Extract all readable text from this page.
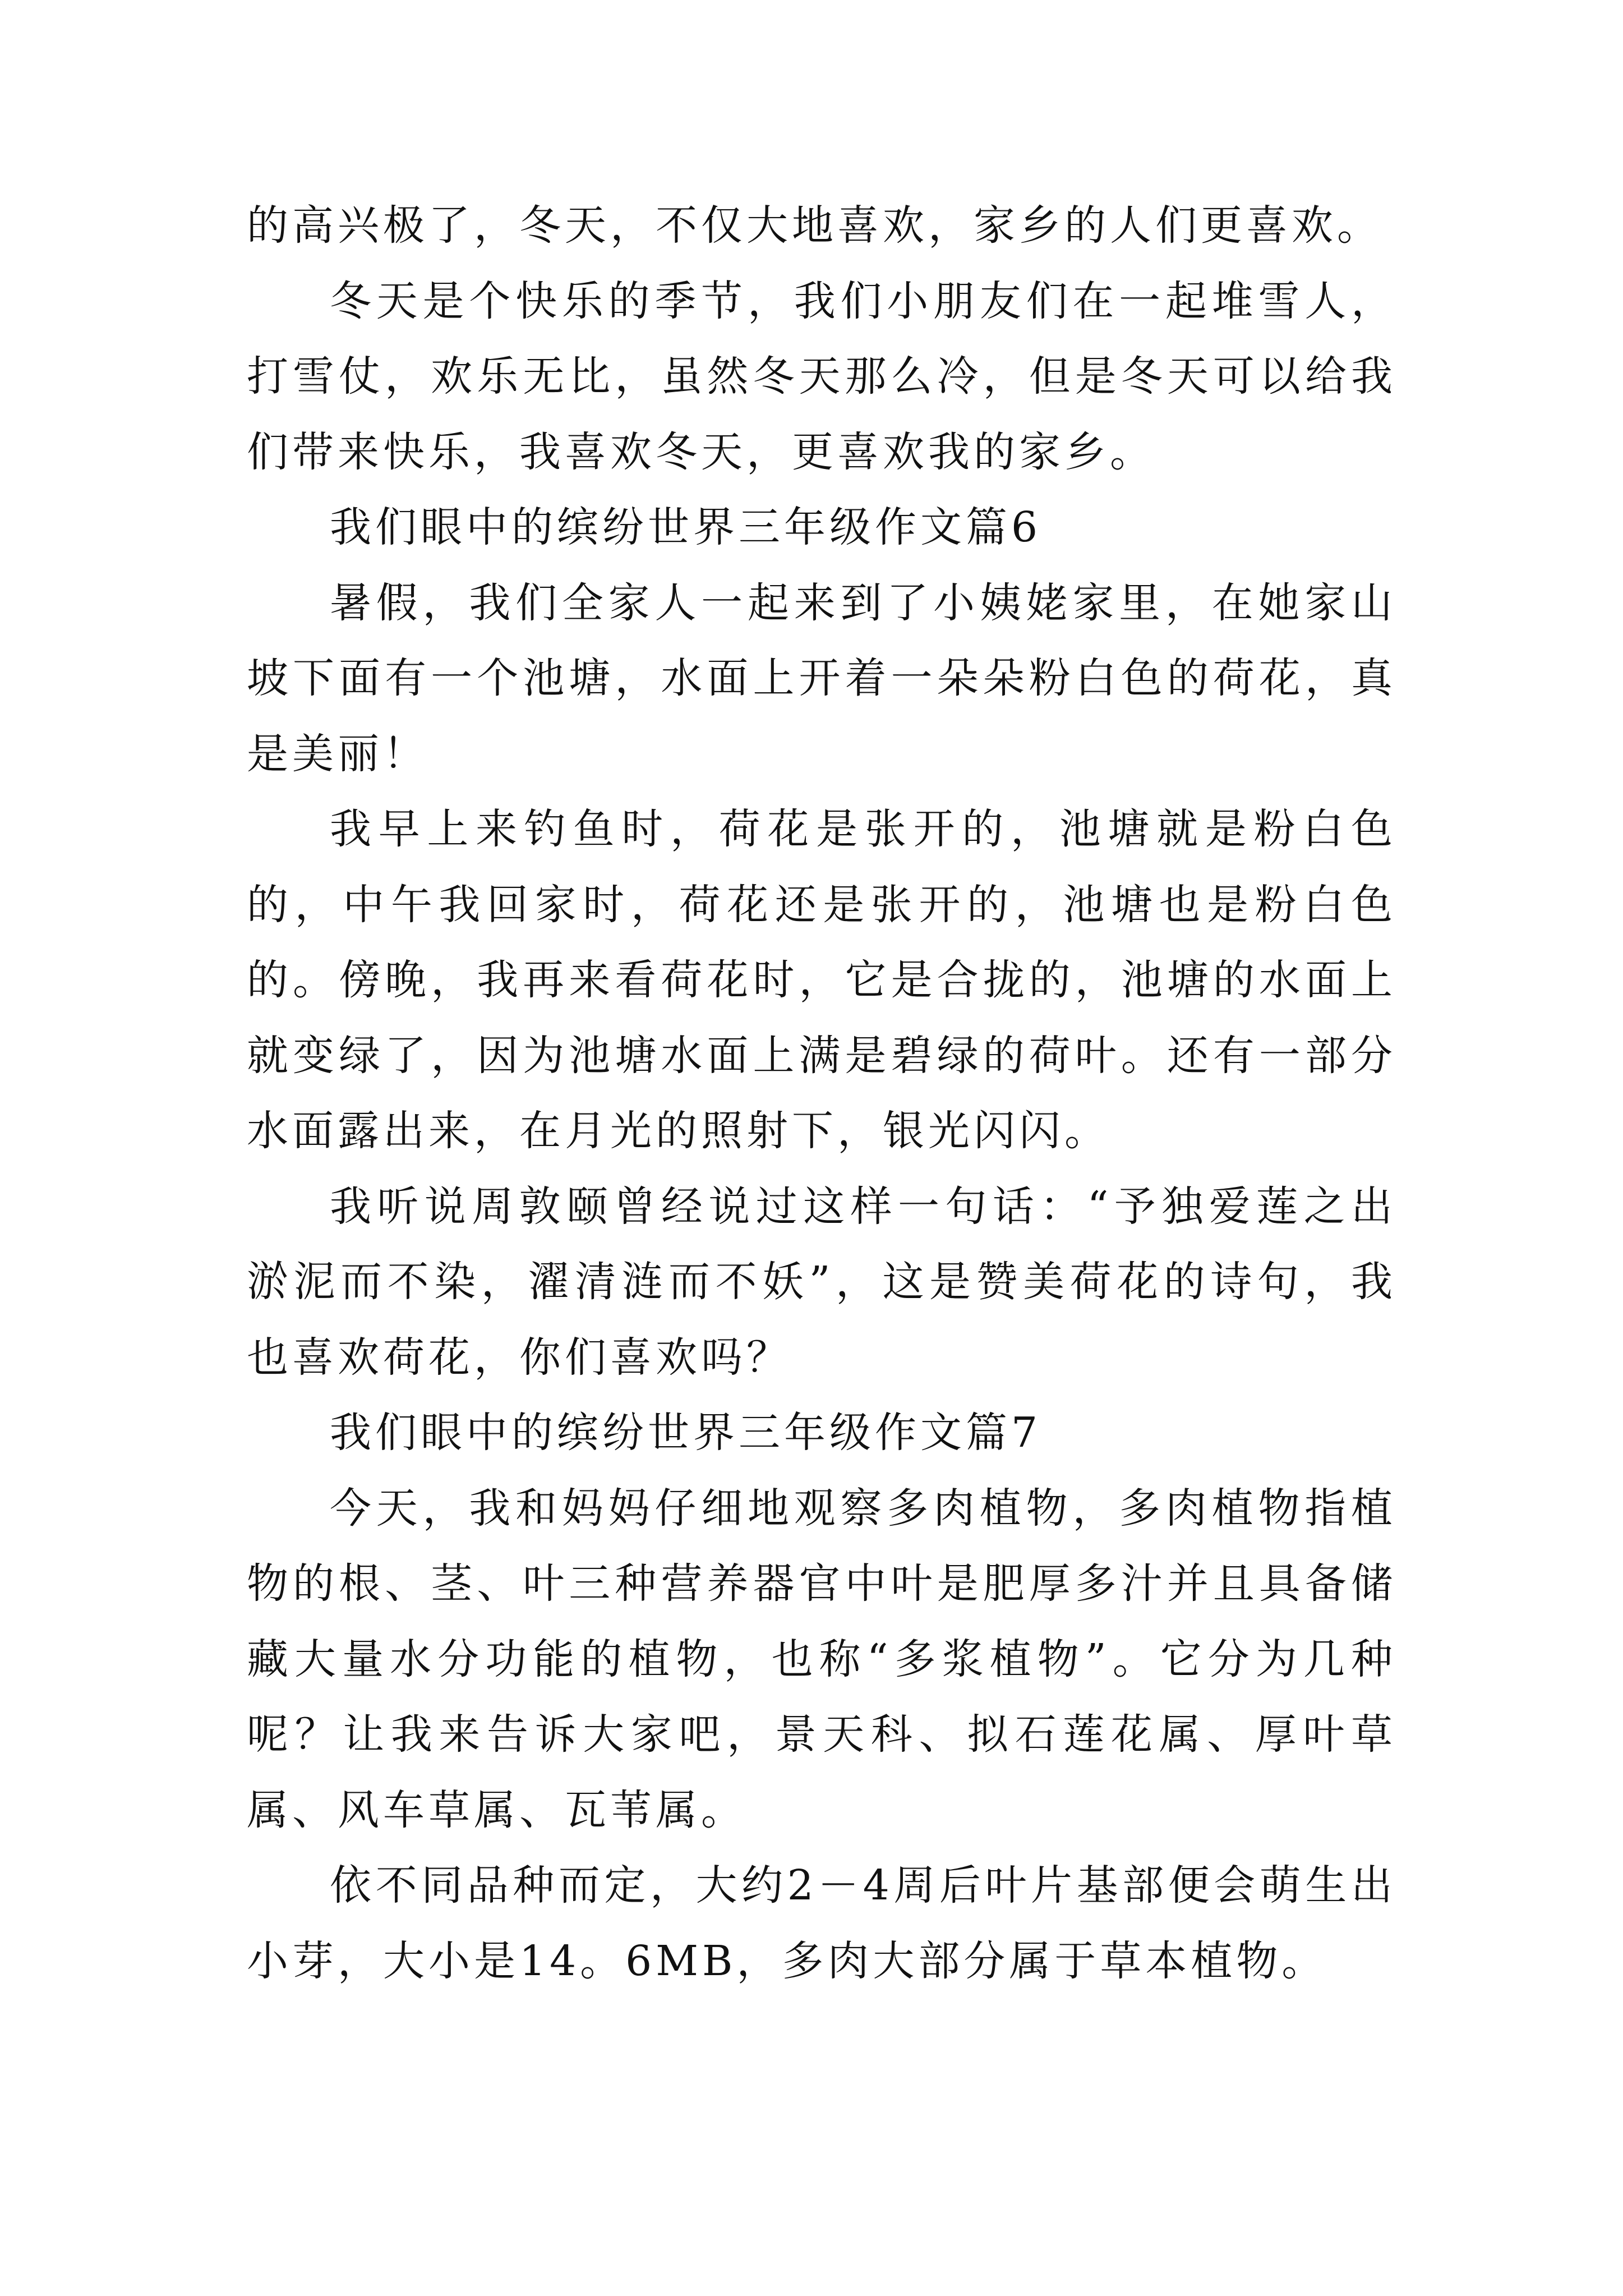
的高兴极了，冬天，不仅大地喜欢，家乡的人们更喜欢。

冬天是个快乐的季节，我们小朋友们在一起堆雪人，打雪仗，欢乐无比，虽然冬天那么冷，但是冬天可以给我们带来快乐，我喜欢冬天，更喜欢我的家乡。

我们眼中的缤纷世界三年级作文篇6

暑假，我们全家人一起来到了小姨姥家里，在她家山坡下面有一个池塘，水面上开着一朵朵粉白色的荷花，真是美丽！

我早上来钓鱼时，荷花是张开的，池塘就是粉白色的，中午我回家时，荷花还是张开的，池塘也是粉白色的。傍晚，我再来看荷花时，它是合拢的，池塘的水面上就变绿了，因为池塘水面上满是碧绿的荷叶。还有一部分水面露出来，在月光的照射下，银光闪闪。

我听说周敦颐曾经说过这样一句话：“予独爱莲之出淤泥而不染，濯清涟而不妖”，这是赞美荷花的诗句，我也喜欢荷花，你们喜欢吗？

我们眼中的缤纷世界三年级作文篇7

今天，我和妈妈仔细地观察多肉植物，多肉植物指植物的根、茎、叶三种营养器官中叶是肥厚多汁并且具备储藏大量水分功能的植物，也称“多浆植物”。它分为几种呢？让我来告诉大家吧，景天科、拟石莲花属、厚叶草属、风车草属、瓦苇属。

依不同品种而定，大约2－4周后叶片基部便会萌生出小芽，大小是14。6MB，多肉大部分属于草本植物。
